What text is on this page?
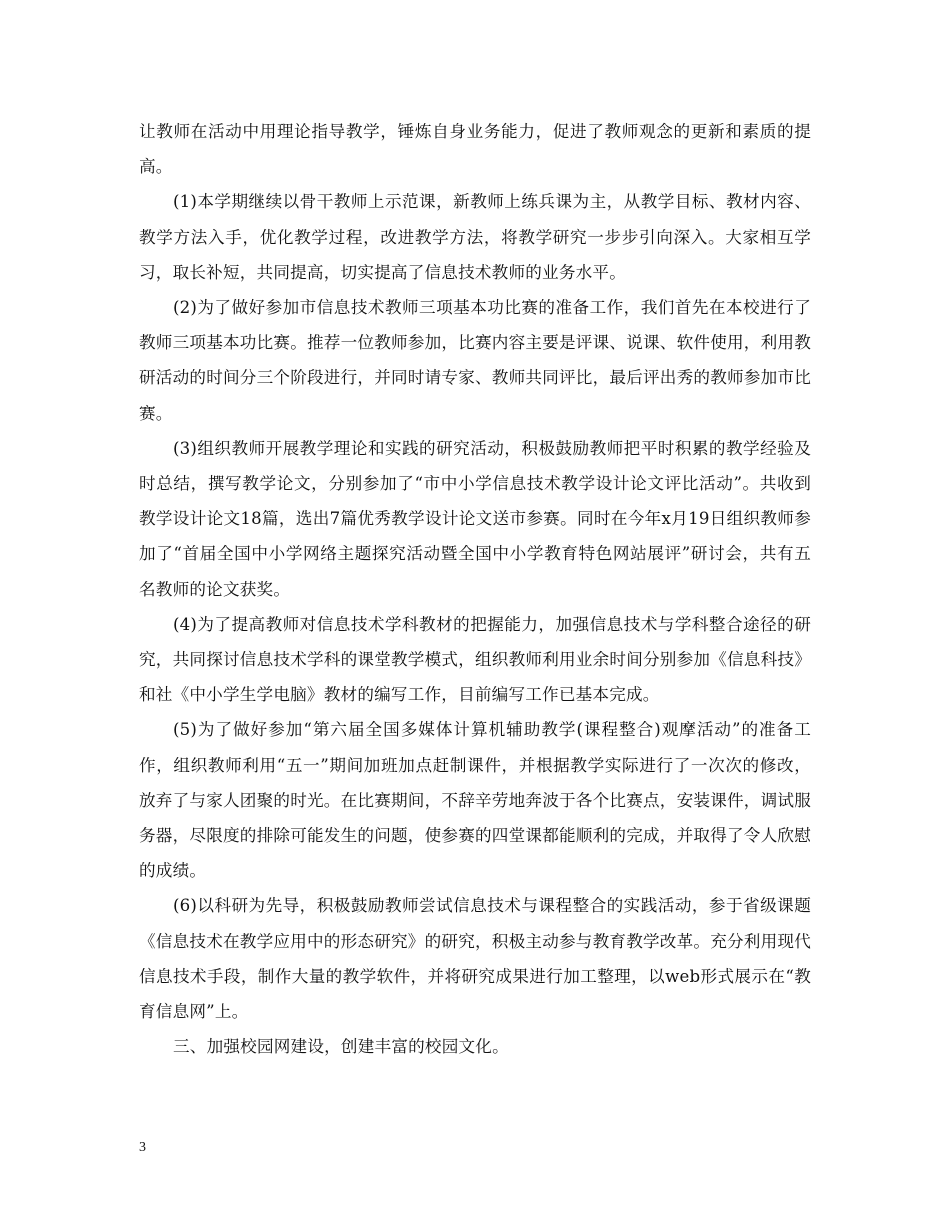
让教师在活动中用理论指导教学，锤炼自身业务能力，促进了教师观念的更新和素质的提高。

(1)本学期继续以骨干教师上示范课，新教师上练兵课为主，从教学目标、教材内容、教学方法入手，优化教学过程，改进教学方法，将教学研究一步步引向深入。大家相互学习，取长补短，共同提高，切实提高了信息技术教师的业务水平。

(2)为了做好参加市信息技术教师三项基本功比赛的准备工作，我们首先在本校进行了教师三项基本功比赛。推荐一位教师参加，比赛内容主要是评课、说课、软件使用，利用教研活动的时间分三个阶段进行，并同时请专家、教师共同评比，最后评出秀的教师参加市比赛。

(3)组织教师开展教学理论和实践的研究活动，积极鼓励教师把平时积累的教学经验及时总结，撰写教学论文，分别参加了“市中小学信息技术教学设计论文评比活动”。共收到教学设计论文18篇，选出7篇优秀教学设计论文送市参赛。同时在今年x月19日组织教师参加了“首届全国中小学网络主题探究活动暨全国中小学教育特色网站展评”研讨会，共有五名教师的论文获奖。

(4)为了提高教师对信息技术学科教材的把握能力，加强信息技术与学科整合途径的研究，共同探讨信息技术学科的课堂教学模式，组织教师利用业余时间分别参加《信息科技》和社《中小学生学电脑》教材的编写工作，目前编写工作已基本完成。

(5)为了做好参加“第六届全国多媒体计算机辅助教学(课程整合)观摩活动”的准备工作，组织教师利用“五一”期间加班加点赶制课件，并根据教学实际进行了一次次的修改，放弃了与家人团聚的时光。在比赛期间，不辞辛劳地奔波于各个比赛点，安装课件，调试服务器，尽限度的排除可能发生的问题，使参赛的四堂课都能顺利的完成，并取得了令人欣慰的成绩。

(6)以科研为先导，积极鼓励教师尝试信息技术与课程整合的实践活动，参于省级课题《信息技术在教学应用中的形态研究》的研究，积极主动参与教育教学改革。充分利用现代信息技术手段，制作大量的教学软件，并将研究成果进行加工整理，以web形式展示在“教育信息网”上。

三、加强校园网建设，创建丰富的校园文化。

3
